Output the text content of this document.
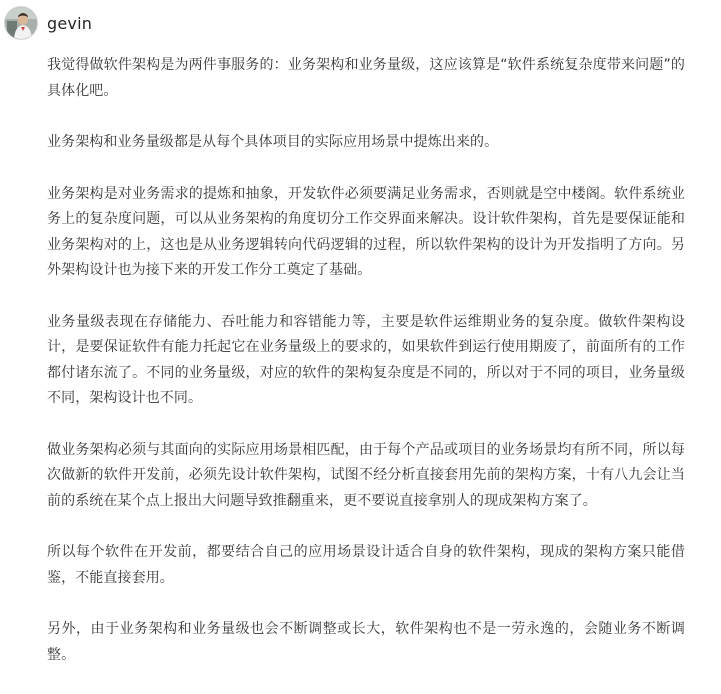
gevin

我觉得做软件架构是为两件事服务的：业务架构和业务量级，这应该算是“软件系统复杂度带来问题”的具体化吧。

业务架构和业务量级都是从每个具体项目的实际应用场景中提炼出来的。

业务架构是对业务需求的提炼和抽象，开发软件必须要满足业务需求，否则就是空中楼阁。软件系统业务上的复杂度问题，可以从业务架构的角度切分工作交界面来解决。设计软件架构，首先是要保证能和业务架构对的上，这也是从业务逻辑转向代码逻辑的过程，所以软件架构的设计为开发指明了方向。另外架构设计也为接下来的开发工作分工奠定了基础。

业务量级表现在存储能力、吞吐能力和容错能力等，主要是软件运维期业务的复杂度。做软件架构设计，是要保证软件有能力托起它在业务量级上的要求的，如果软件到运行使用期废了，前面所有的工作都付诸东流了。不同的业务量级，对应的软件的架构复杂度是不同的，所以对于不同的项目，业务量级不同，架构设计也不同。

做业务架构必须与其面向的实际应用场景相匹配，由于每个产品或项目的业务场景均有所不同，所以每次做新的软件开发前，必须先设计软件架构，试图不经分析直接套用先前的架构方案，十有八九会让当前的系统在某个点上报出大问题导致推翻重来，更不要说直接拿别人的现成架构方案了。

所以每个软件在开发前，都要结合自己的应用场景设计适合自身的软件架构，现成的架构方案只能借鉴，不能直接套用。

另外，由于业务架构和业务量级也会不断调整或长大，软件架构也不是一劳永逸的，会随业务不断调整。
